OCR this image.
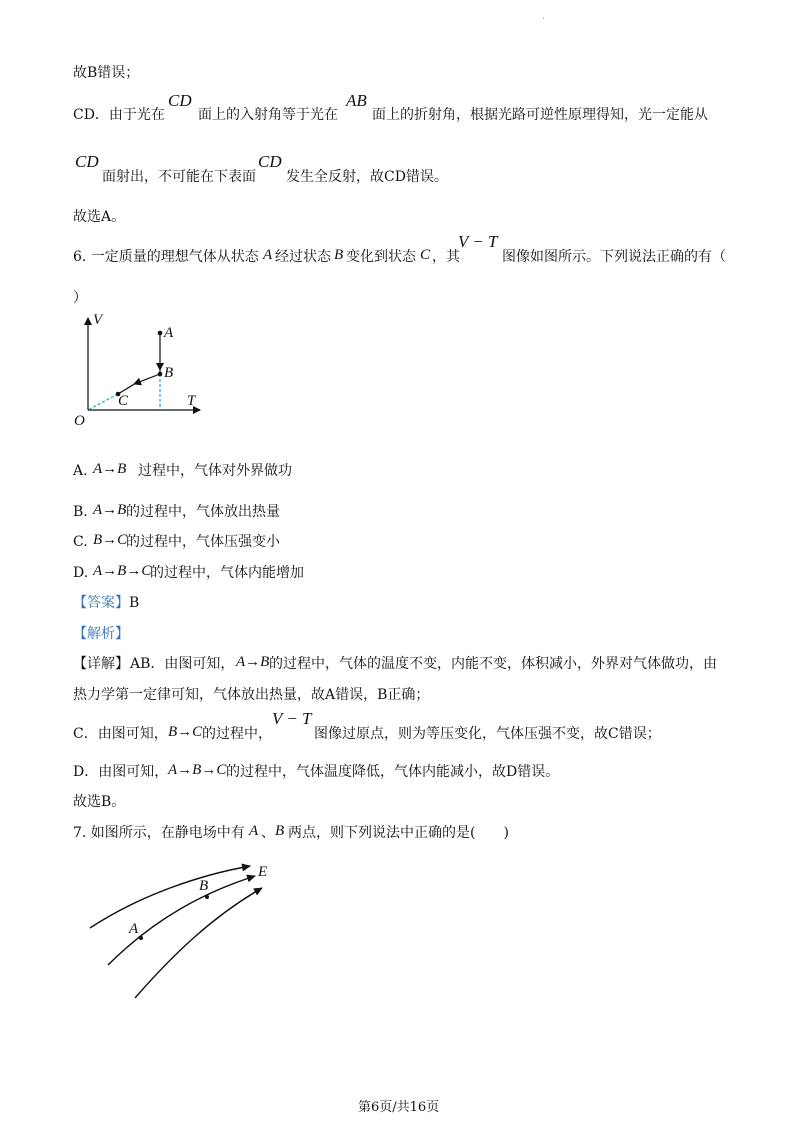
·
故B错误；
CD．由于光在
CD
面上的入射角等于光在
AB
面上的折射角，根据光路可逆性原理得知，光一定能从
CD
面射出，不可能在下表面
CD
发生全反射，故CD错误。
故选A。
6. 一定质量的理想气体从状态 A 经过状态 B 变化到状态 C ，其
V − T
图像如图所示。下列说法正确的有（
）
V
T
O
A
B
C
A. A→B 过程中，气体对外界做功
B. A→B 的过程中，气体放出热量
C. B→C
的过程中，气体压强变小
D. A→B→C
的过程中，气体内能增加
【答案】 B
【解析】
【详解】 AB．由图可知， A→B 的过程中，气体的温度不变，内能不变，体积减小，外界对气体做功，由
热力学第一定律可知，气体放出热量，故A错误，B正确；
C．由图可知， B→C 的过程中，
V − T
图像过原点，则为等压变化，气体压强不变，故C错误；
D．由图可知， A→B→C 的过程中，气体温度降低，气体内能减小，故D错误。
故选B。
7. 如图所示，在静电场中有 A 、 B 两点，则下列说法中正确的是(　　)
A
B
E
第6页/共16页
